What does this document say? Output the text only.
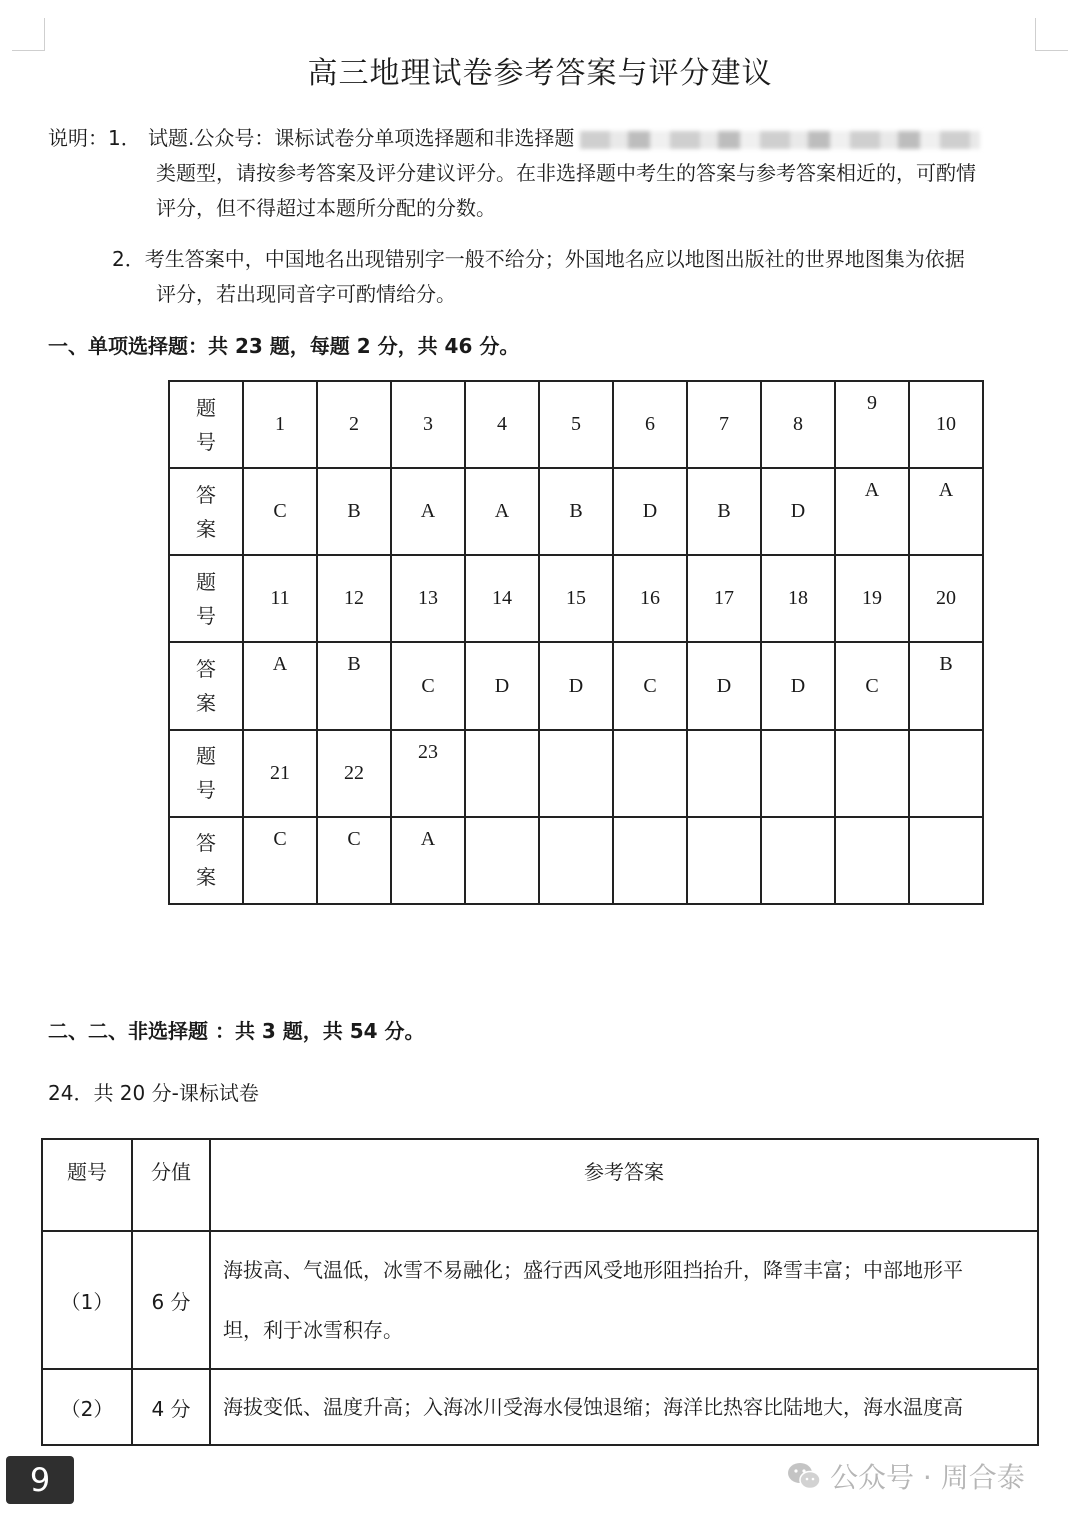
高三地理试卷参考答案与评分建议
说明：1． 试题.公众号：课标试卷分单项选择题和非选择题
类题型，请按参考答案及评分建议评分。在非选择题中考生的答案与参考答案相近的，可酌情
评分，但不得超过本题所分配的分数。
2．考生答案中，中国地名出现错别字一般不给分；外国地名应以地图出版社的世界地图集为依据
评分，若出现同音字可酌情给分。
一、单项选择题：共 23 题，每题 2 分，共 46 分。
题
号	1	2	3	4	5	6	7	8	9	10

答
案	C	B	A	A	B	D	B	D	A	A

题
号	11	12	13	14	15	16	17	18	19	20

答
案	A	B	C	D	D	C	D	D	C	B

题
号	21	22	23							

答
案	C	C	A							
二、二、非选择题 ：共 3 题，共 54 分。
24．共 20 分-课标试卷
题号	分值	参考答案
（1）	6 分	海拔高、气温低，冰雪不易融化；盛行西风受地形阻挡抬升，降雪丰富；中部地形平
坦，利于冰雪积存。

（2）	4 分	海拔变低、温度升高；入海冰川受海水侵蚀退缩；海洋比热容比陆地大，海水温度高
9	公众号 · 周合泰
